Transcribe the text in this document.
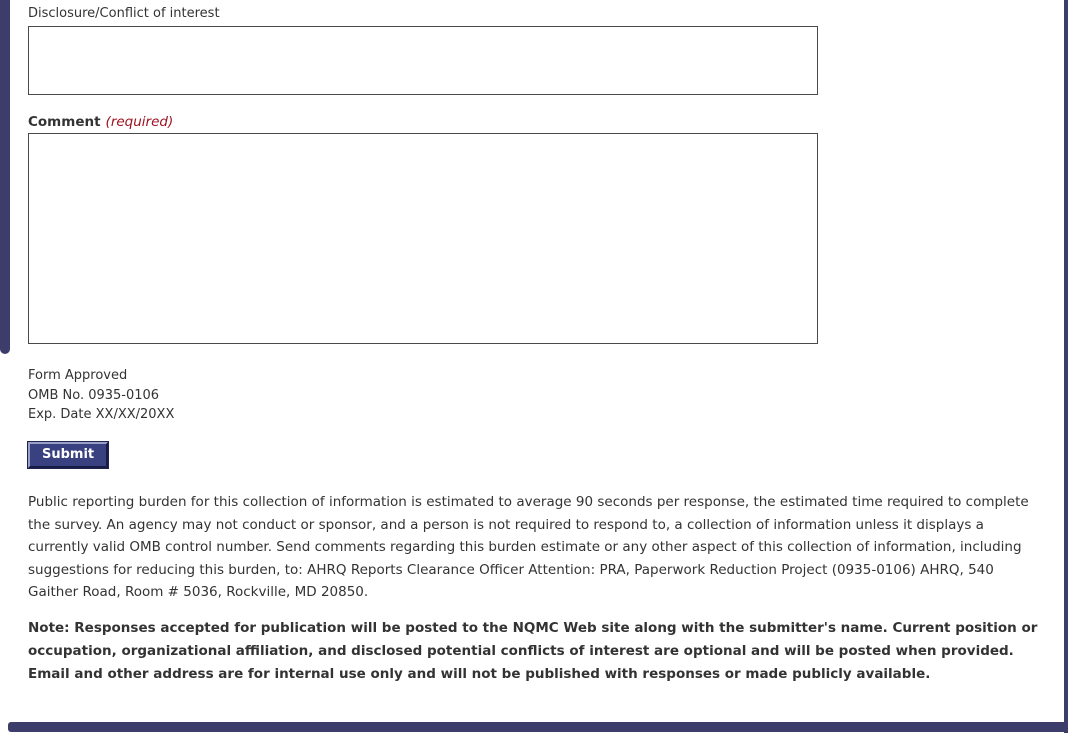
Disclosure/Conflict of interest
Comment (required)
Form Approved
OMB No. 0935-0106
Exp. Date XX/XX/20XX
Submit
Public reporting burden for this collection of information is estimated to average 90 seconds per response, the estimated time required to complete the survey. An agency may not conduct or sponsor, and a person is not required to respond to, a collection of information unless it displays a currently valid OMB control number. Send comments regarding this burden estimate or any other aspect of this collection of information, including suggestions for reducing this burden, to: AHRQ Reports Clearance Officer Attention: PRA, Paperwork Reduction Project (0935-0106) AHRQ, 540 Gaither Road, Room # 5036, Rockville, MD 20850.
Note: Responses accepted for publication will be posted to the NQMC Web site along with the submitter's name. Current position or occupation, organizational affiliation, and disclosed potential conflicts of interest are optional and will be posted when provided. Email and other address are for internal use only and will not be published with responses or made publicly available.
